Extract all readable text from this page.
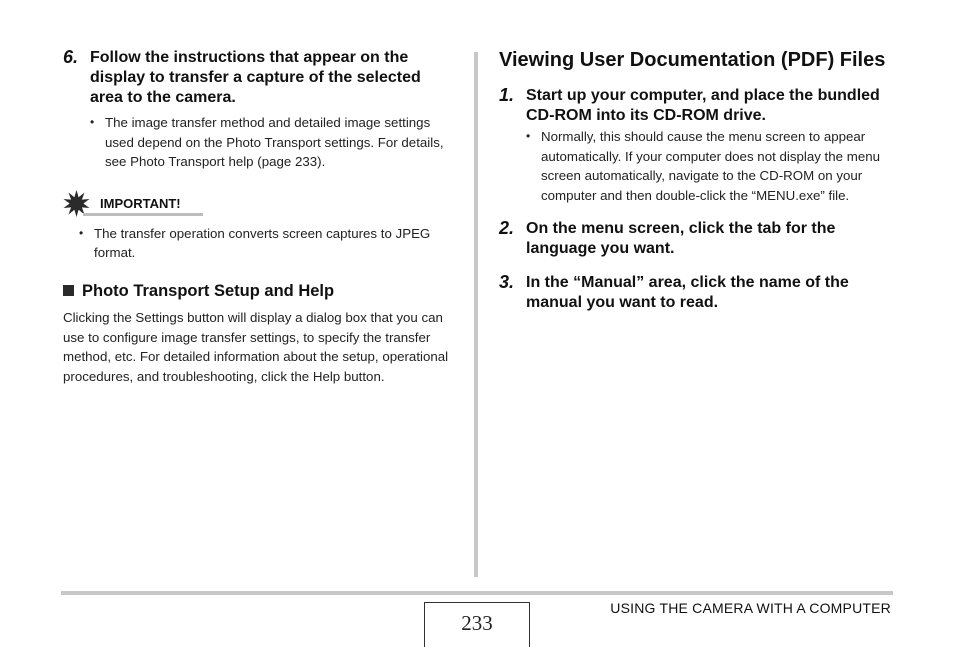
6. Follow the instructions that appear on the display to transfer a capture of the selected area to the camera.
• The image transfer method and detailed image settings used depend on the Photo Transport settings. For details, see Photo Transport help (page 233).
IMPORTANT!
• The transfer operation converts screen captures to JPEG format.
Photo Transport Setup and Help
Clicking the Settings button will display a dialog box that you can use to configure image transfer settings, to specify the transfer method, etc. For detailed information about the setup, operational procedures, and troubleshooting, click the Help button.
Viewing User Documentation (PDF) Files
1. Start up your computer, and place the bundled CD-ROM into its CD-ROM drive.
• Normally, this should cause the menu screen to appear automatically. If your computer does not display the menu screen automatically, navigate to the CD-ROM on your computer and then double-click the “MENU.exe” file.
2. On the menu screen, click the tab for the language you want.
3. In the “Manual” area, click the name of the manual you want to read.
233
USING THE CAMERA WITH A COMPUTER
